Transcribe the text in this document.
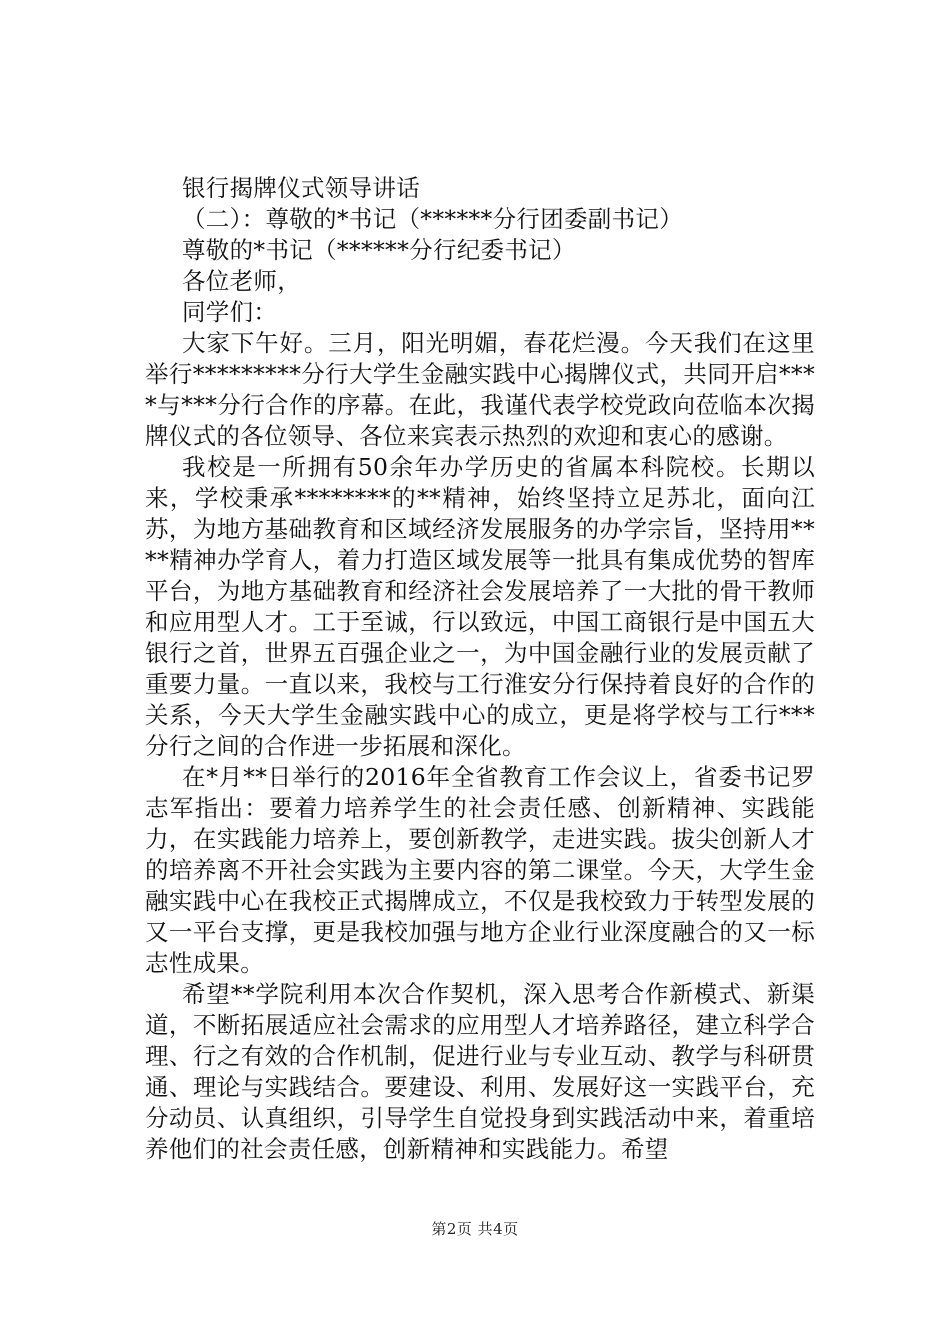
银行揭牌仪式领导讲话

（二）：尊敬的*书记（******分行团委副书记）

尊敬的*书记（******分行纪委书记）

各位老师，

同学们：

大家下午好。三月，阳光明媚，春花烂漫。今天我们在这里举行*********分行大学生金融实践中心揭牌仪式，共同开启****与***分行合作的序幕。在此，我谨代表学校党政向莅临本次揭牌仪式的各位领导、各位来宾表示热烈的欢迎和衷心的感谢。

我校是一所拥有50余年办学历史的省属本科院校。长期以来，学校秉承********的**精神，始终坚持立足苏北，面向江苏，为地方基础教育和区域经济发展服务的办学宗旨，坚持用****精神办学育人，着力打造区域发展等一批具有集成优势的智库平台，为地方基础教育和经济社会发展培养了一大批的骨干教师和应用型人才。工于至诚，行以致远，中国工商银行是中国五大银行之首，世界五百强企业之一，为中国金融行业的发展贡献了重要力量。一直以来，我校与工行淮安分行保持着良好的合作的关系，今天大学生金融实践中心的成立，更是将学校与工行***分行之间的合作进一步拓展和深化。

在*月**日举行的2016年全省教育工作会议上，省委书记罗志军指出：要着力培养学生的社会责任感、创新精神、实践能力，在实践能力培养上，要创新教学，走进实践。拔尖创新人才的培养离不开社会实践为主要内容的第二课堂。今天，大学生金融实践中心在我校正式揭牌成立，不仅是我校致力于转型发展的又一平台支撑，更是我校加强与地方企业行业深度融合的又一标志性成果。

希望**学院利用本次合作契机，深入思考合作新模式、新渠道，不断拓展适应社会需求的应用型人才培养路径，建立科学合理、行之有效的合作机制，促进行业与专业互动、教学与科研贯通、理论与实践结合。要建设、利用、发展好这一实践平台，充分动员、认真组织，引导学生自觉投身到实践活动中来，着重培养他们的社会责任感，创新精神和实践能力。希望

第2页 共4页
